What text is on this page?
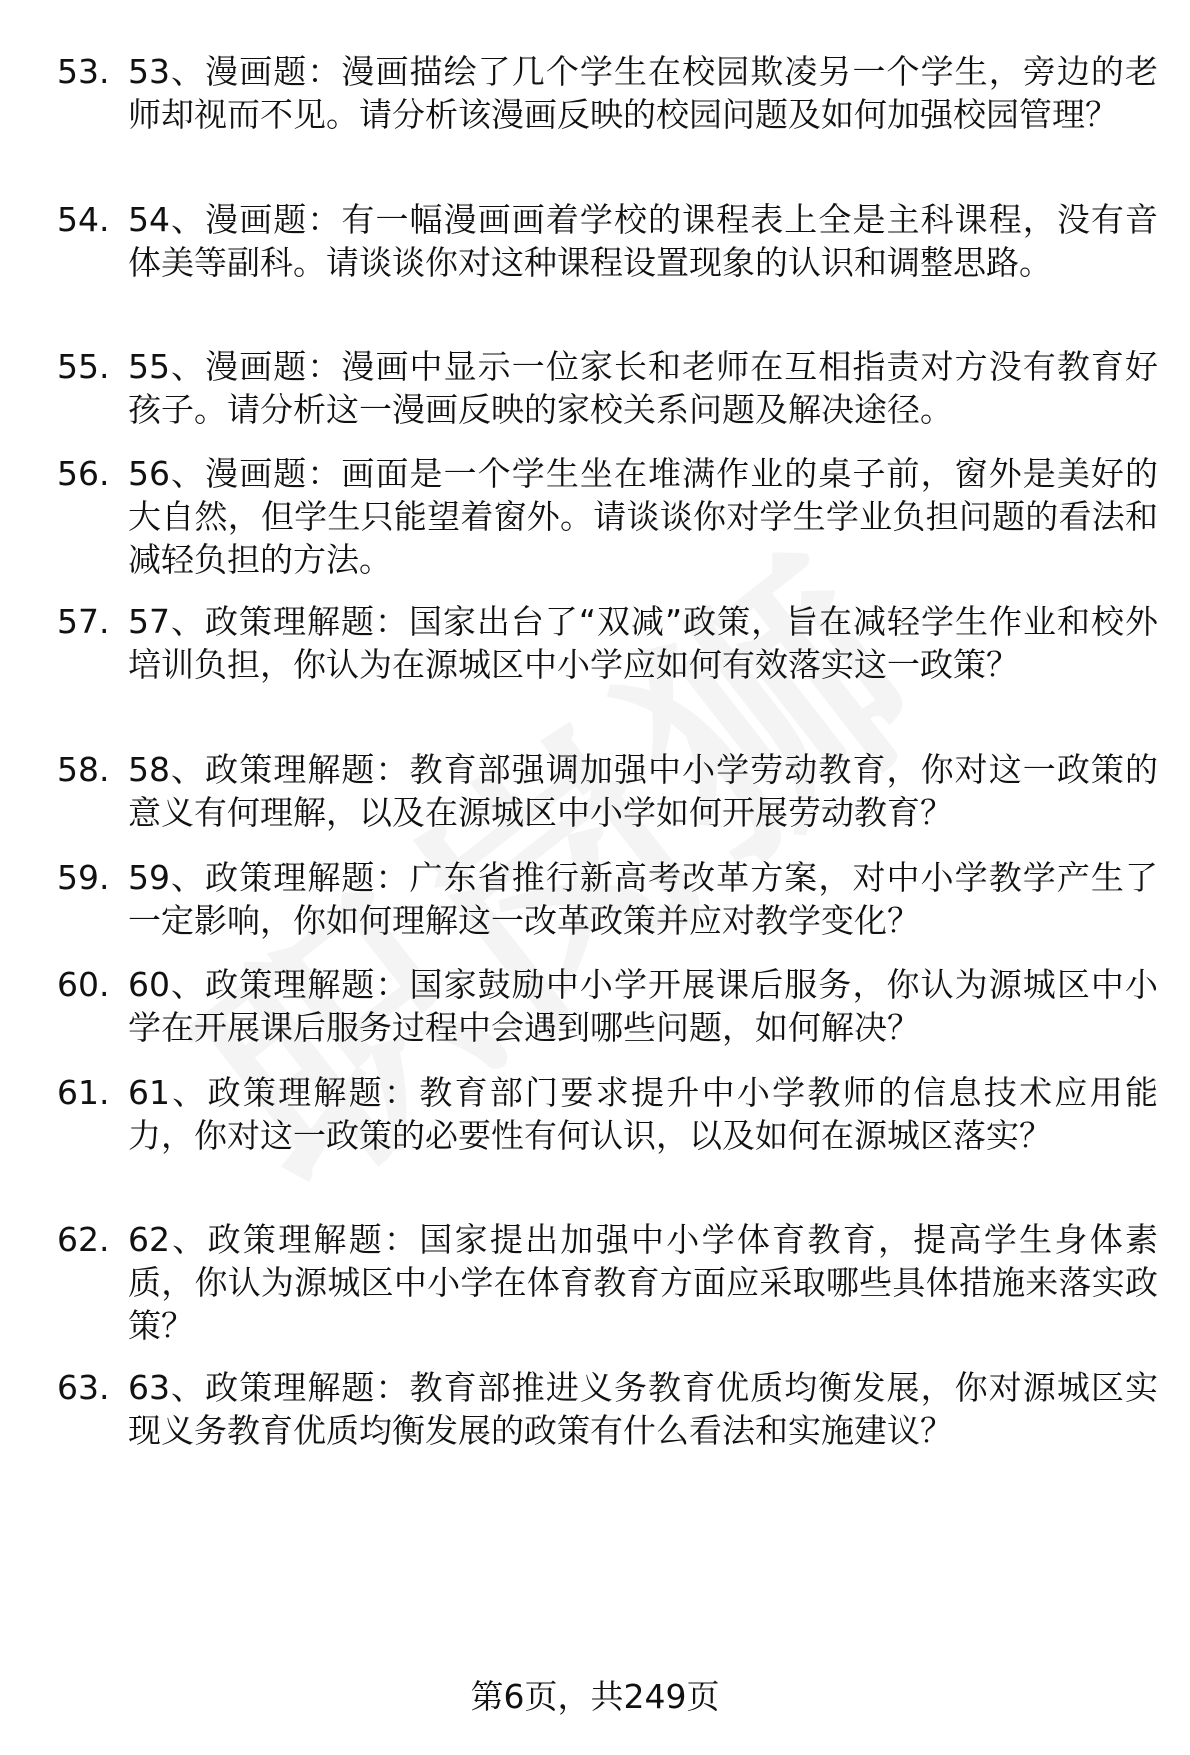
53. 53、漫画题：漫画描绘了几个学生在校园欺凌另一个学生，旁边的老师却视而不见。请分析该漫画反映的校园问题及如何加强校园管理？
54. 54、漫画题：有一幅漫画画着学校的课程表上全是主科课程，没有音体美等副科。请谈谈你对这种课程设置现象的认识和调整思路。
55. 55、漫画题：漫画中显示一位家长和老师在互相指责对方没有教育好孩子。请分析这一漫画反映的家校关系问题及解决途径。
56. 56、漫画题：画面是一个学生坐在堆满作业的桌子前，窗外是美好的大自然，但学生只能望着窗外。请谈谈你对学生学业负担问题的看法和减轻负担的方法。
57. 57、政策理解题：国家出台了“双减”政策，旨在减轻学生作业和校外培训负担，你认为在源城区中小学应如何有效落实这一政策？
58. 58、政策理解题：教育部强调加强中小学劳动教育，你对这一政策的意义有何理解，以及在源城区中小学如何开展劳动教育？
59. 59、政策理解题：广东省推行新高考改革方案，对中小学教学产生了一定影响，你如何理解这一改革政策并应对教学变化？
60. 60、政策理解题：国家鼓励中小学开展课后服务，你认为源城区中小学在开展课后服务过程中会遇到哪些问题，如何解决？
61. 61、政策理解题：教育部门要求提升中小学教师的信息技术应用能力，你对这一政策的必要性有何认识，以及如何在源城区落实？
62. 62、政策理解题：国家提出加强中小学体育教育，提高学生身体素质，你认为源城区中小学在体育教育方面应采取哪些具体措施来落实政策？
63. 63、政策理解题：教育部推进义务教育优质均衡发展，你对源城区实现义务教育优质均衡发展的政策有什么看法和实施建议？
第6页，共249页
